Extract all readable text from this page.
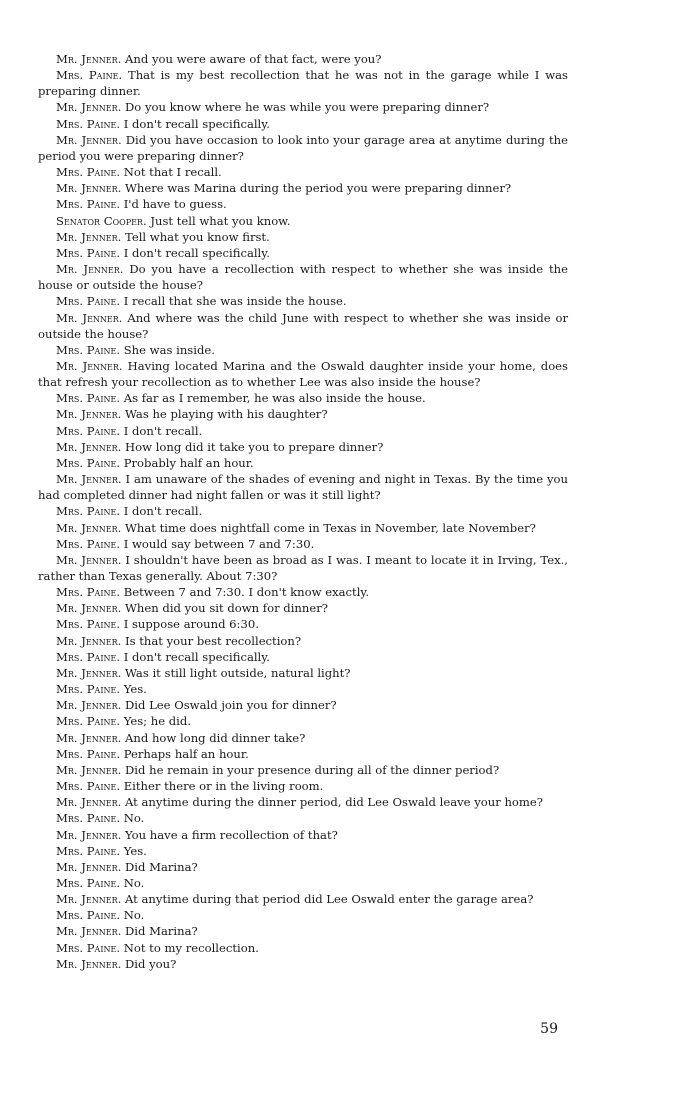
Mr. Jenner. And you were aware of that fact, were you?

Mrs. Paine. That is my best recollection that he was not in the garage while I was preparing dinner.

Mr. Jenner. Do you know where he was while you were preparing dinner?

Mrs. Paine. I don't recall specifically.

Mr. Jenner. Did you have occasion to look into your garage area at anytime during the period you were preparing dinner?

Mrs. Paine. Not that I recall.

Mr. Jenner. Where was Marina during the period you were preparing dinner?

Mrs. Paine. I'd have to guess.

Senator Cooper. Just tell what you know.

Mr. Jenner. Tell what you know first.

Mrs. Paine. I don't recall specifically.

Mr. Jenner. Do you have a recollection with respect to whether she was inside the house or outside the house?

Mrs. Paine. I recall that she was inside the house.

Mr. Jenner. And where was the child June with respect to whether she was inside or outside the house?

Mrs. Paine. She was inside.

Mr. Jenner. Having located Marina and the Oswald daughter inside your home, does that refresh your recollection as to whether Lee was also inside the house?

Mrs. Paine. As far as I remember, he was also inside the house.

Mr. Jenner. Was he playing with his daughter?

Mrs. Paine. I don't recall.

Mr. Jenner. How long did it take you to prepare dinner?

Mrs. Paine. Probably half an hour.

Mr. Jenner. I am unaware of the shades of evening and night in Texas. By the time you had completed dinner had night fallen or was it still light?

Mrs. Paine. I don't recall.

Mr. Jenner. What time does nightfall come in Texas in November, late November?

Mrs. Paine. I would say between 7 and 7:30.

Mr. Jenner. I shouldn't have been as broad as I was. I meant to locate it in Irving, Tex., rather than Texas generally. About 7:30?

Mrs. Paine. Between 7 and 7:30. I don't know exactly.

Mr. Jenner. When did you sit down for dinner?

Mrs. Paine. I suppose around 6:30.

Mr. Jenner. Is that your best recollection?

Mrs. Paine. I don't recall specifically.

Mr. Jenner. Was it still light outside, natural light?

Mrs. Paine. Yes.

Mr. Jenner. Did Lee Oswald join you for dinner?

Mrs. Paine. Yes; he did.

Mr. Jenner. And how long did dinner take?

Mrs. Paine. Perhaps half an hour.

Mr. Jenner. Did he remain in your presence during all of the dinner period?

Mrs. Paine. Either there or in the living room.

Mr. Jenner. At anytime during the dinner period, did Lee Oswald leave your home?

Mrs. Paine. No.

Mr. Jenner. You have a firm recollection of that?

Mrs. Paine. Yes.

Mr. Jenner. Did Marina?

Mrs. Paine. No.

Mr. Jenner. At anytime during that period did Lee Oswald enter the garage area?

Mrs. Paine. No.

Mr. Jenner. Did Marina?

Mrs. Paine. Not to my recollection.

Mr. Jenner. Did you?

59
